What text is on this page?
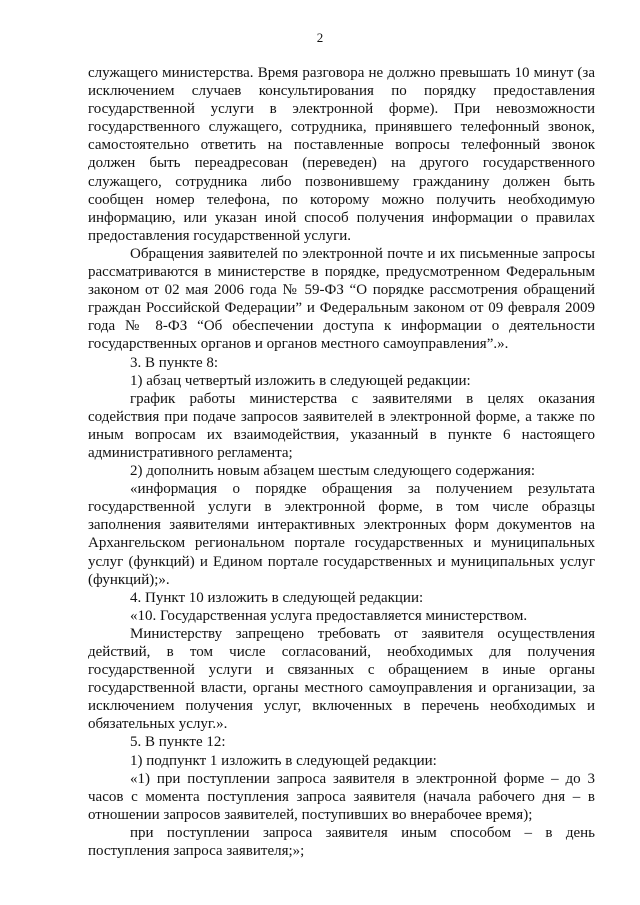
2

служащего министерства. Время разговора не должно превышать 10 минут (за исключением случаев консультирования по порядку предоставления государственной услуги в электронной форме). При невозможности государственного служащего, сотрудника, принявшего телефонный звонок, самостоятельно ответить на поставленные вопросы телефонный звонок должен быть переадресован (переведен) на другого государственного служащего, сотрудника либо позвонившему гражданину должен быть сообщен номер телефона, по которому можно получить необходимую информацию, или указан иной способ получения информации о правилах предоставления государственной услуги.

Обращения заявителей по электронной почте и их письменные запросы рассматриваются в министерстве в порядке, предусмотренном Федеральным законом от 02 мая 2006 года № 59-ФЗ “О порядке рассмотрения обращений граждан Российской Федерации” и Федеральным законом от 09 февраля 2009 года № 8-ФЗ “Об обеспечении доступа к информации о деятельности государственных органов и органов местного самоуправления”.».

3. В пункте 8:

1) абзац четвертый изложить в следующей редакции:

график работы министерства с заявителями в целях оказания содействия при подаче запросов заявителей в электронной форме, а также по иным вопросам их взаимодействия, указанный в пункте 6 настоящего административного регламента;

2) дополнить новым абзацем шестым следующего содержания:

«информация о порядке обращения за получением результата государственной услуги в электронной форме, в том числе образцы заполнения заявителями интерактивных электронных форм документов на Архангельском региональном портале государственных и муниципальных услуг (функций) и Едином портале государственных и муниципальных услуг (функций);».

4. Пункт 10 изложить в следующей редакции:

«10. Государственная услуга предоставляется министерством.

Министерству запрещено требовать от заявителя осуществления действий, в том числе согласований, необходимых для получения государственной услуги и связанных с обращением в иные органы государственной власти, органы местного самоуправления и организации, за исключением получения услуг, включенных в перечень необходимых и обязательных услуг.».

5. В пункте 12:

1) подпункт 1 изложить в следующей редакции:

«1) при поступлении запроса заявителя в электронной форме – до 3 часов с момента поступления запроса заявителя (начала рабочего дня – в отношении запросов заявителей, поступивших во внерабочее время);

при поступлении запроса заявителя иным способом – в день поступления запроса заявителя;»;
